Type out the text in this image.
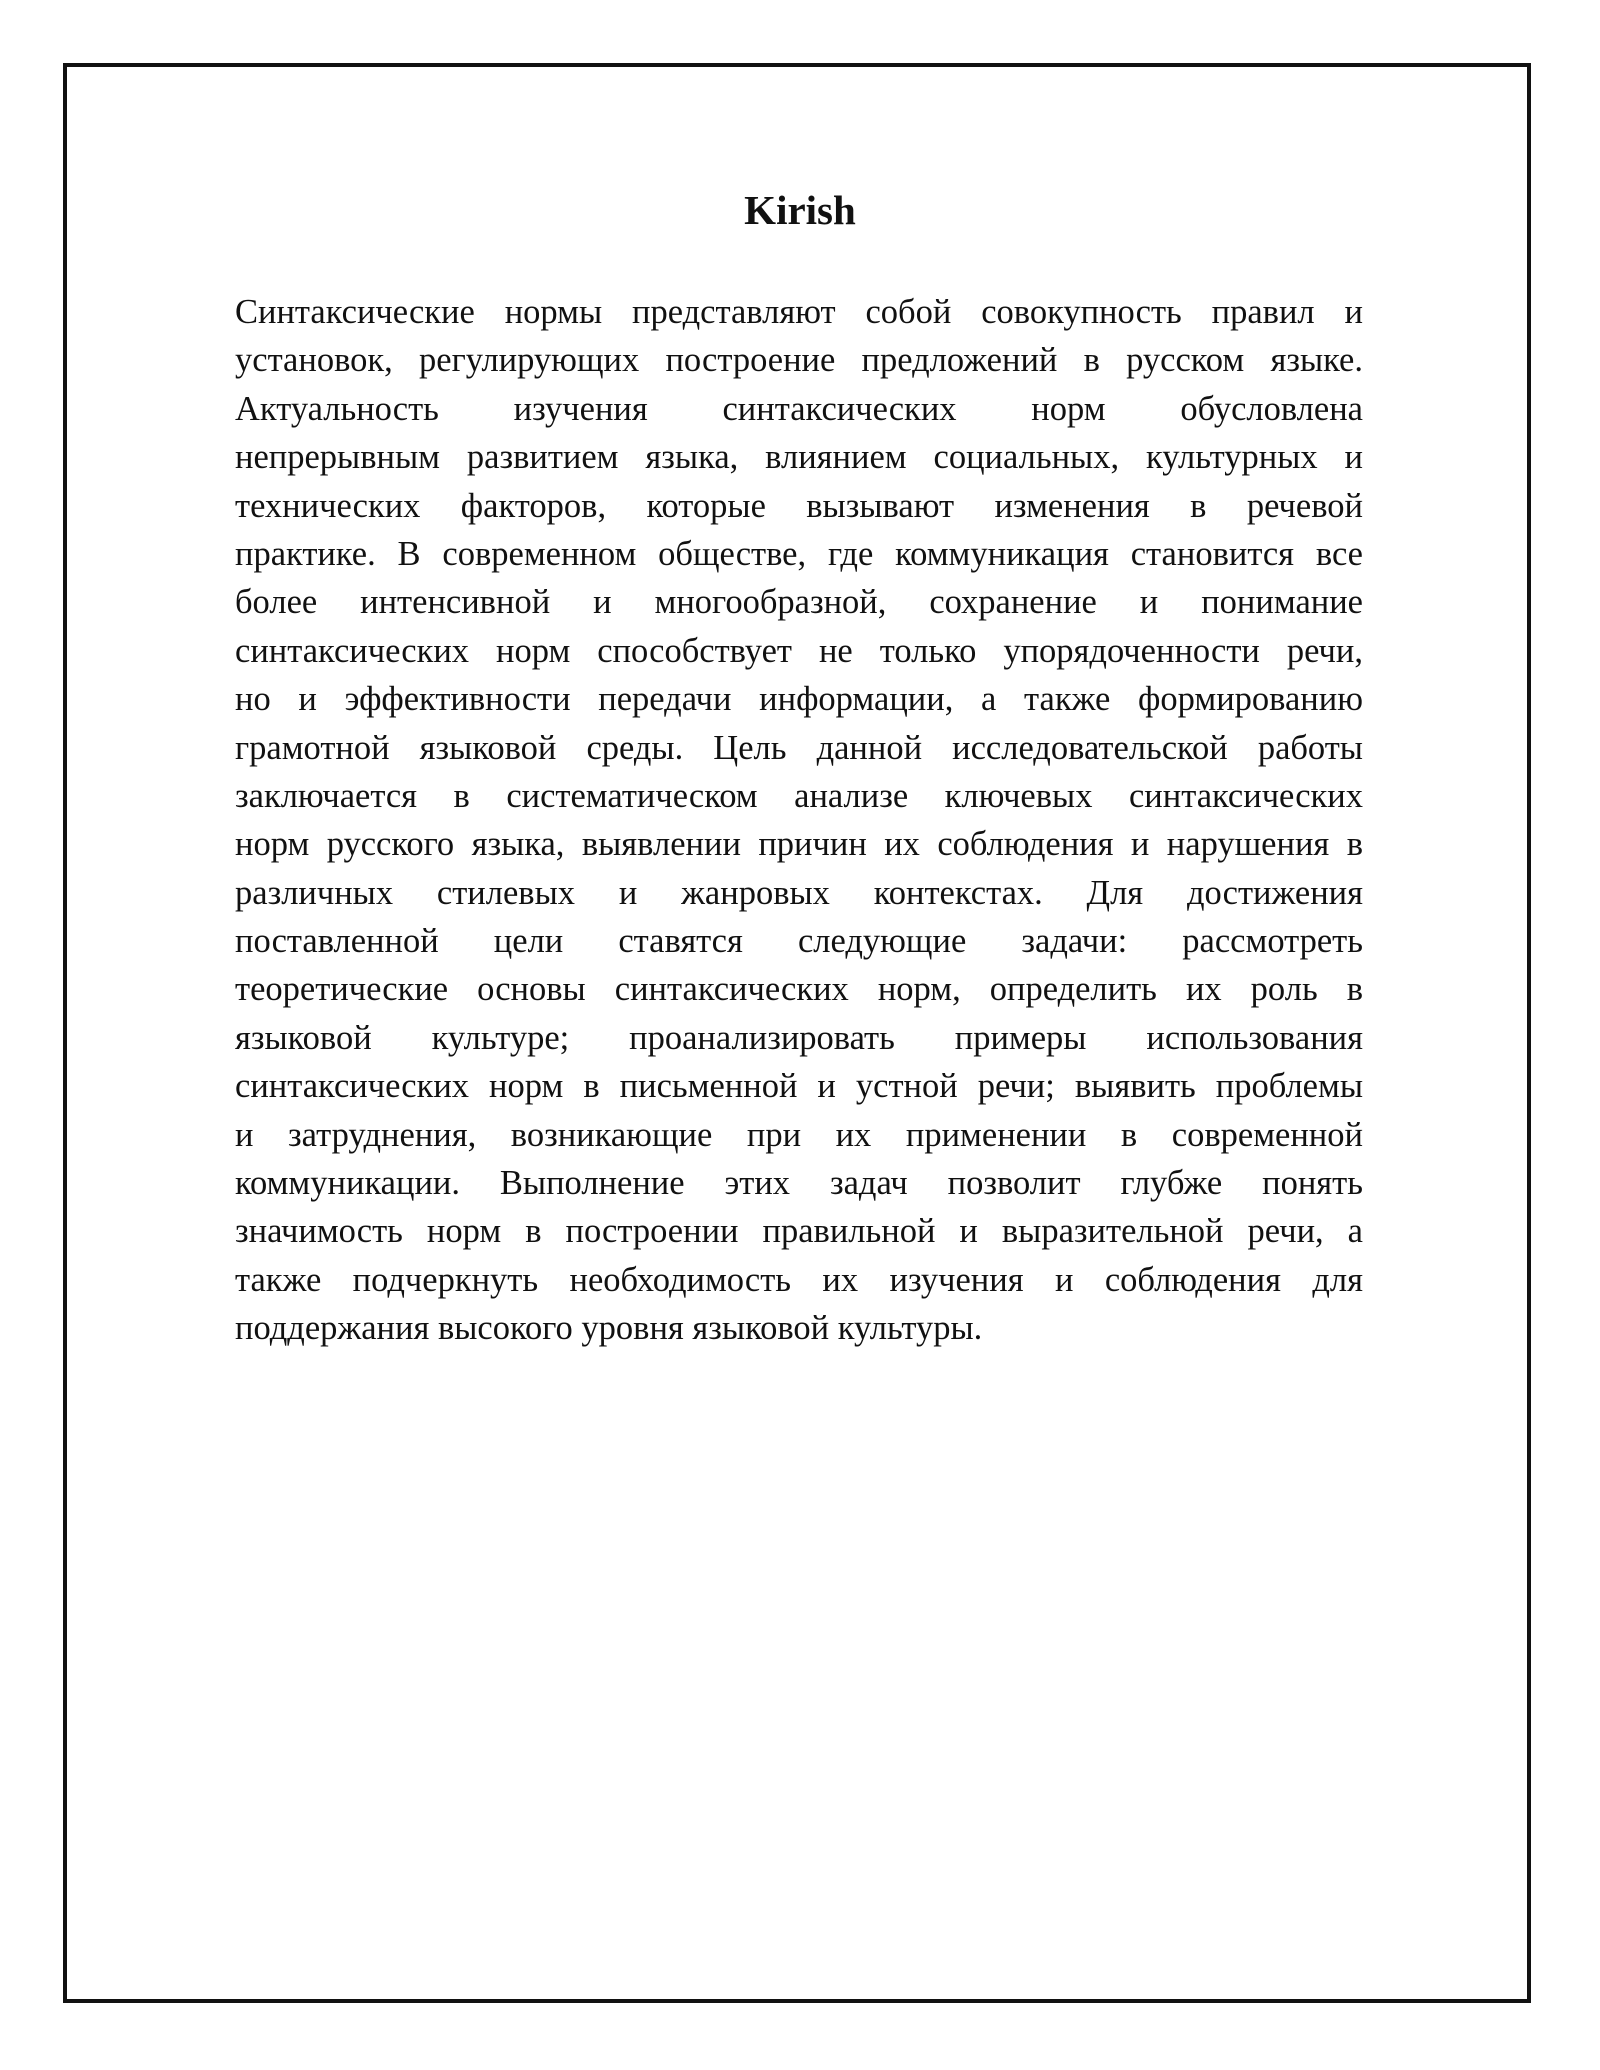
Kirish

Синтаксические нормы представляют собой совокупность правил и
установок, регулирующих построение предложений в русском языке.
Актуальность изучения синтаксических норм обусловлена
непрерывным развитием языка, влиянием социальных, культурных и
технических факторов, которые вызывают изменения в речевой
практике. В современном обществе, где коммуникация становится все
более интенсивной и многообразной, сохранение и понимание
синтаксических норм способствует не только упорядоченности речи,
но и эффективности передачи информации, а также формированию
грамотной языковой среды. Цель данной исследовательской работы
заключается в систематическом анализе ключевых синтаксических
норм русского языка, выявлении причин их соблюдения и нарушения в
различных стилевых и жанровых контекстах. Для достижения
поставленной цели ставятся следующие задачи: рассмотреть
теоретические основы синтаксических норм, определить их роль в
языковой культуре; проанализировать примеры использования
синтаксических норм в письменной и устной речи; выявить проблемы
и затруднения, возникающие при их применении в современной
коммуникации. Выполнение этих задач позволит глубже понять
значимость норм в построении правильной и выразительной речи, а
также подчеркнуть необходимость их изучения и соблюдения для
поддержания высокого уровня языковой культуры.
